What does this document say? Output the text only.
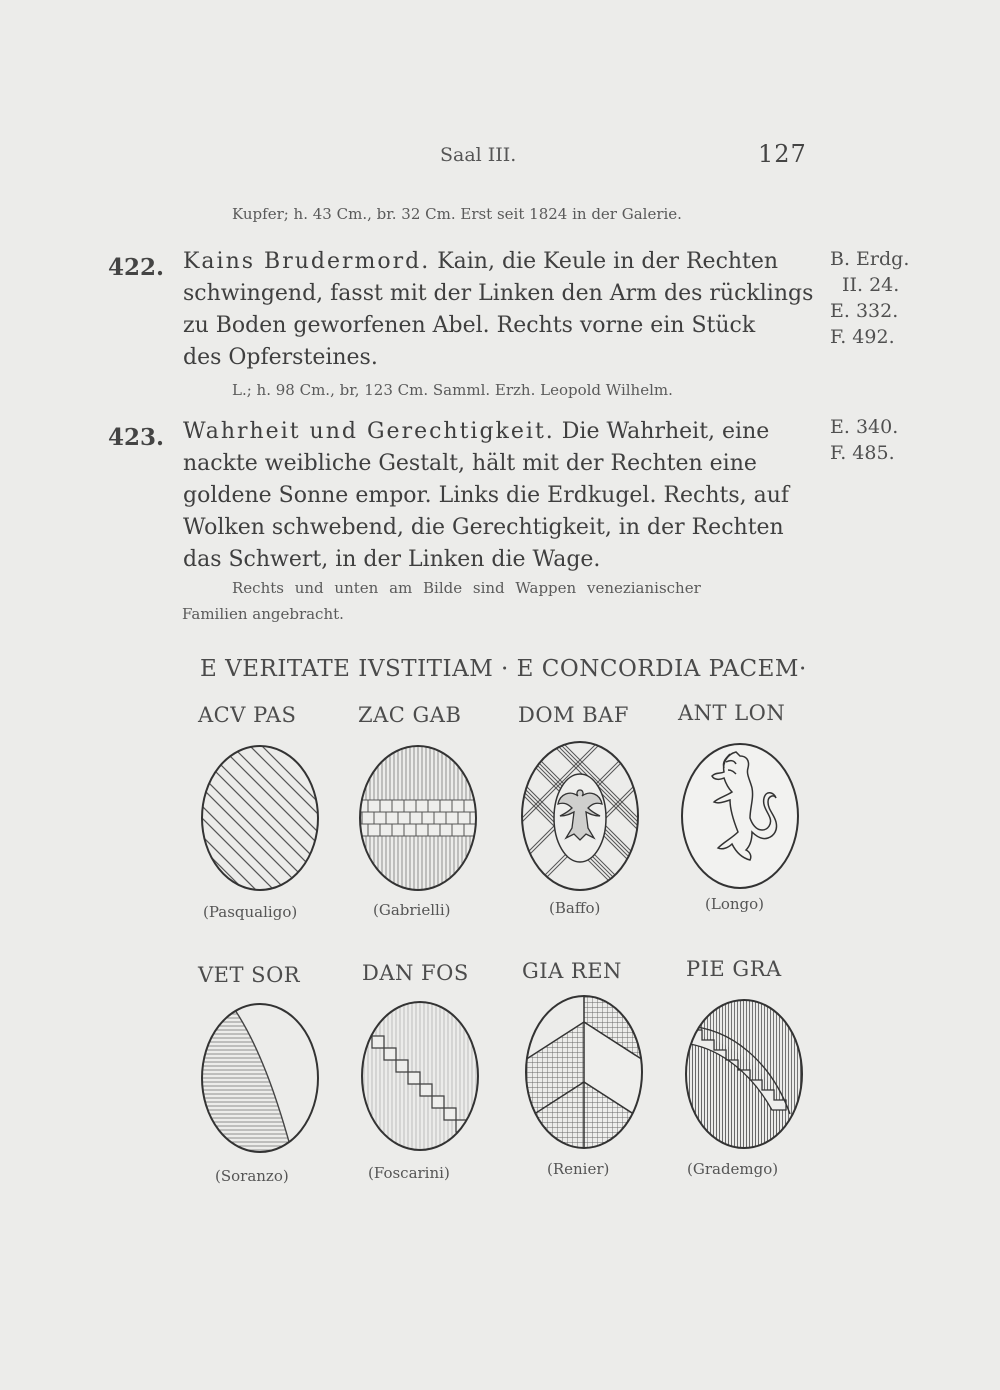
Saal III.	127
Kupfer; h. 43 Cm., br. 32 Cm. Erst seit 1824 in der Galerie.
422. Kains Brudermord. Kain, die Keule in der Rechten
schwingend, fasst mit der Linken den Arm des rücklings
zu Boden geworfenen Abel. Rechts vorne ein Stück
des Opfersteines.
L.; h. 98 Cm., br, 123 Cm. Samml. Erzh. Leopold Wilhelm.
B. Erdg.
II. 24.
E. 332.
F. 492.
423. Wahrheit und Gerechtigkeit. Die Wahrheit, eine
nackte weibliche Gestalt, hält mit der Rechten eine
goldene Sonne empor. Links die Erdkugel. Rechts, auf
Wolken schwebend, die Gerechtigkeit, in der Rechten
das Schwert, in der Linken die Wage.
Rechts und unten am Bilde sind Wappen venezianischer
Familien angebracht.
E. 340.
F. 485.
E VERITATE IVSTITIAM · E CONCORDIA PACEM·
ACV PAS	ZAC GAB	DOM BAF ANT LON
(Pasqualigo)	(Gabrielli)	(Baffo)	(Longo)
VET SOR	DAN FOS	GIA REN	PIE GRA
(Soranzo)	(Foscarini)	(Renier)	(Grademgo)
